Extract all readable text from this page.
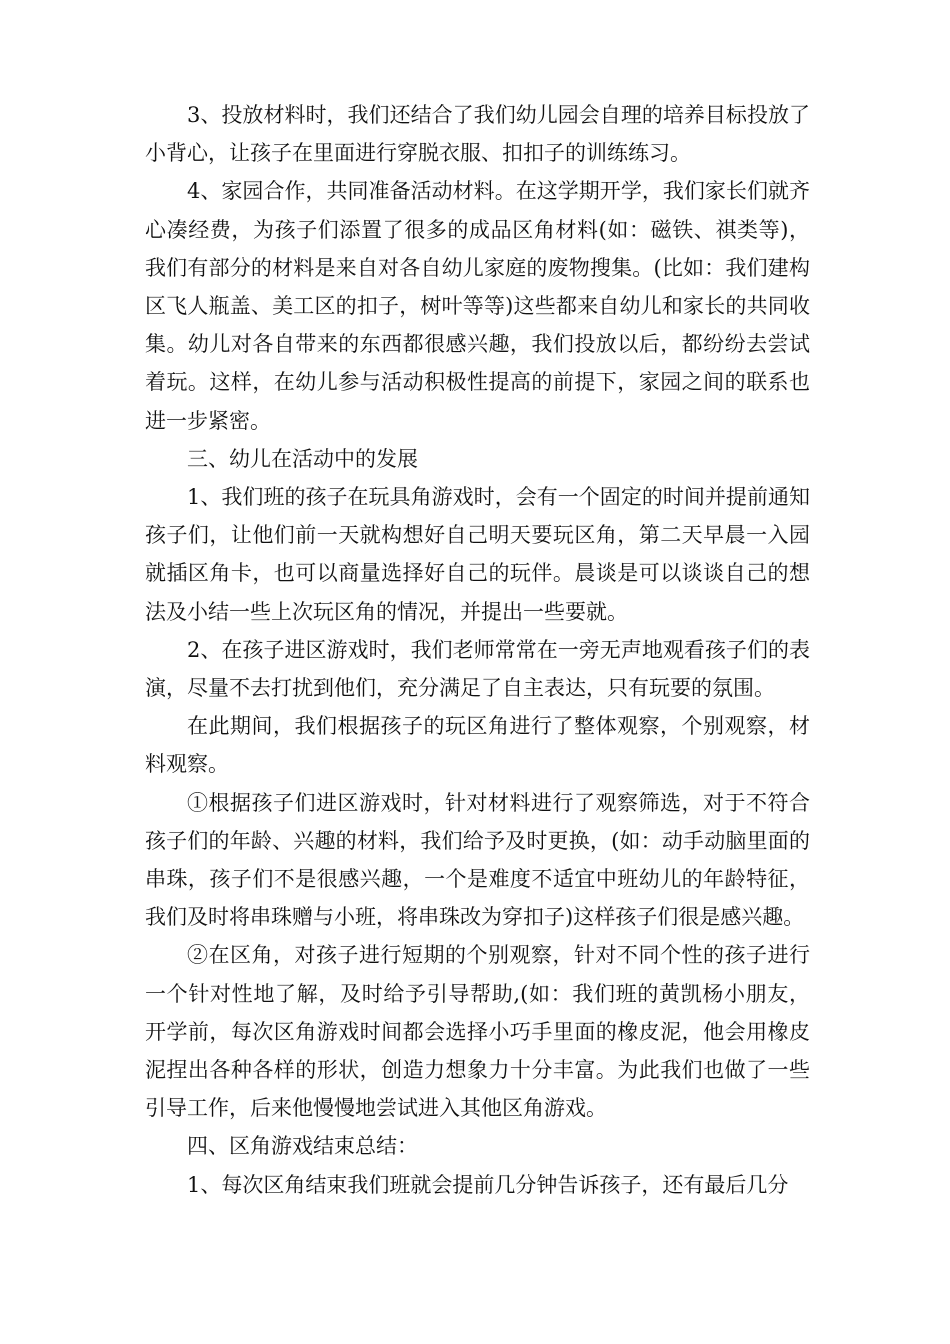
3、投放材料时，我们还结合了我们幼儿园会自理的培养目标投放了小背心，让孩子在里面进行穿脱衣服、扣扣子的训练练习。

4、家园合作，共同准备活动材料。在这学期开学，我们家长们就齐心凑经费，为孩子们添置了很多的成品区角材料(如：磁铁、祺类等)，我们有部分的材料是来自对各自幼儿家庭的废物搜集。(比如：我们建构区飞人瓶盖、美工区的扣子，树叶等等)这些都来自幼儿和家长的共同收集。幼儿对各自带来的东西都很感兴趣，我们投放以后，都纷纷去尝试着玩。这样，在幼儿参与活动积极性提高的前提下，家园之间的联系也进一步紧密。

三、幼儿在活动中的发展

1、我们班的孩子在玩具角游戏时，会有一个固定的时间并提前通知孩子们，让他们前一天就构想好自己明天要玩区角，第二天早晨一入园就插区角卡，也可以商量选择好自己的玩伴。晨谈是可以谈谈自己的想法及小结一些上次玩区角的情况，并提出一些要就。

2、在孩子进区游戏时，我们老师常常在一旁无声地观看孩子们的表演，尽量不去打扰到他们，充分满足了自主表达，只有玩要的氛围。

在此期间，我们根据孩子的玩区角进行了整体观察，个别观察，材料观察。

①根据孩子们进区游戏时，针对材料进行了观察筛选，对于不符合孩子们的年龄、兴趣的材料，我们给予及时更换，(如：动手动脑里面的串珠，孩子们不是很感兴趣，一个是难度不适宜中班幼儿的年龄特征，我们及时将串珠赠与小班，将串珠改为穿扣子)这样孩子们很是感兴趣。

②在区角，对孩子进行短期的个别观察，针对不同个性的孩子进行一个针对性地了解，及时给予引导帮助,(如：我们班的黄凯杨小朋友，开学前，每次区角游戏时间都会选择小巧手里面的橡皮泥，他会用橡皮泥捏出各种各样的形状，创造力想象力十分丰富。为此我们也做了一些引导工作，后来他慢慢地尝试进入其他区角游戏。

四、区角游戏结束总结：

1、每次区角结束我们班就会提前几分钟告诉孩子，还有最后几分
